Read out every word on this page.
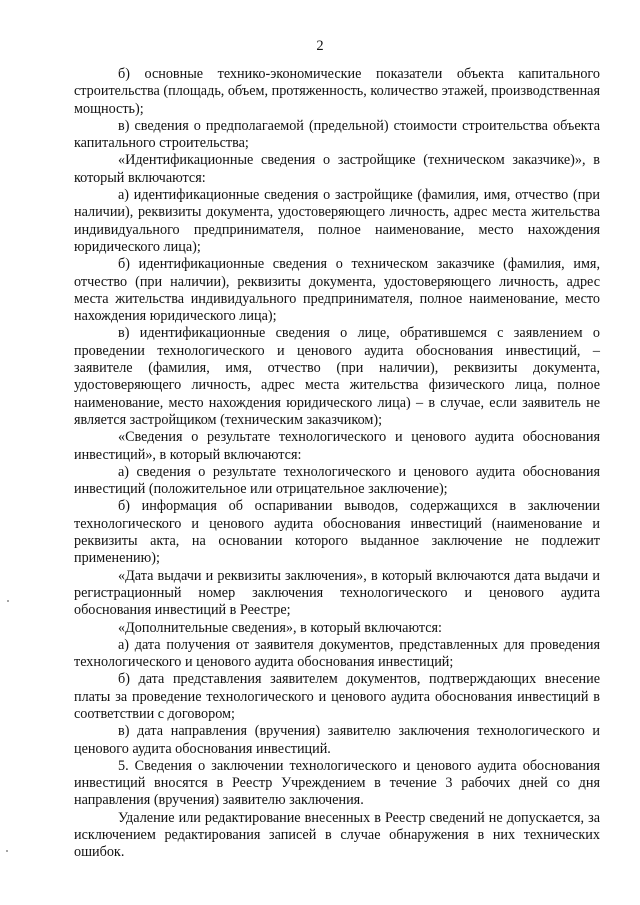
2

б) основные технико-экономические показатели объекта капитального строительства (площадь, объем, протяженность, количество этажей, производственная мощность);

в) сведения о предполагаемой (предельной) стоимости строительства объекта капитального строительства;

«Идентификационные сведения о застройщике (техническом заказчике)», в который включаются:

а) идентификационные сведения о застройщике (фамилия, имя, отчество (при наличии), реквизиты документа, удостоверяющего личность, адрес места жительства индивидуального предпринимателя, полное наименование, место нахождения юридического лица);

б) идентификационные сведения о техническом заказчике (фамилия, имя, отчество (при наличии), реквизиты документа, удостоверяющего личность, адрес места жительства индивидуального предпринимателя, полное наименование, место нахождения юридического лица);

в) идентификационные сведения о лице, обратившемся с заявлением о проведении технологического и ценового аудита обоснования инвестиций, – заявителе (фамилия, имя, отчество (при наличии), реквизиты документа, удостоверяющего личность, адрес места жительства физического лица, полное наименование, место нахождения юридического лица) – в случае, если заявитель не является застройщиком (техническим заказчиком);

«Сведения о результате технологического и ценового аудита обоснования инвестиций», в который включаются:

а) сведения о результате технологического и ценового аудита обоснования инвестиций (положительное или отрицательное заключение);

б) информация об оспаривании выводов, содержащихся в заключении технологического и ценового аудита обоснования инвестиций (наименование и реквизиты акта, на основании которого выданное заключение не подлежит применению);

«Дата выдачи и реквизиты заключения», в который включаются дата выдачи и регистрационный номер заключения технологического и ценового аудита обоснования инвестиций в Реестре;

«Дополнительные сведения», в который включаются:

а) дата получения от заявителя документов, представленных для проведения технологического и ценового аудита обоснования инвестиций;

б) дата представления заявителем документов, подтверждающих внесение платы за проведение технологического и ценового аудита обоснования инвестиций в соответствии с договором;

в) дата направления (вручения) заявителю заключения технологического и ценового аудита обоснования инвестиций.

5. Сведения о заключении технологического и ценового аудита обоснования инвестиций вносятся в Реестр Учреждением в течение 3 рабочих дней со дня направления (вручения) заявителю заключения.

Удаление или редактирование внесенных в Реестр сведений не допускается, за исключением редактирования записей в случае обнаружения в них технических ошибок.
